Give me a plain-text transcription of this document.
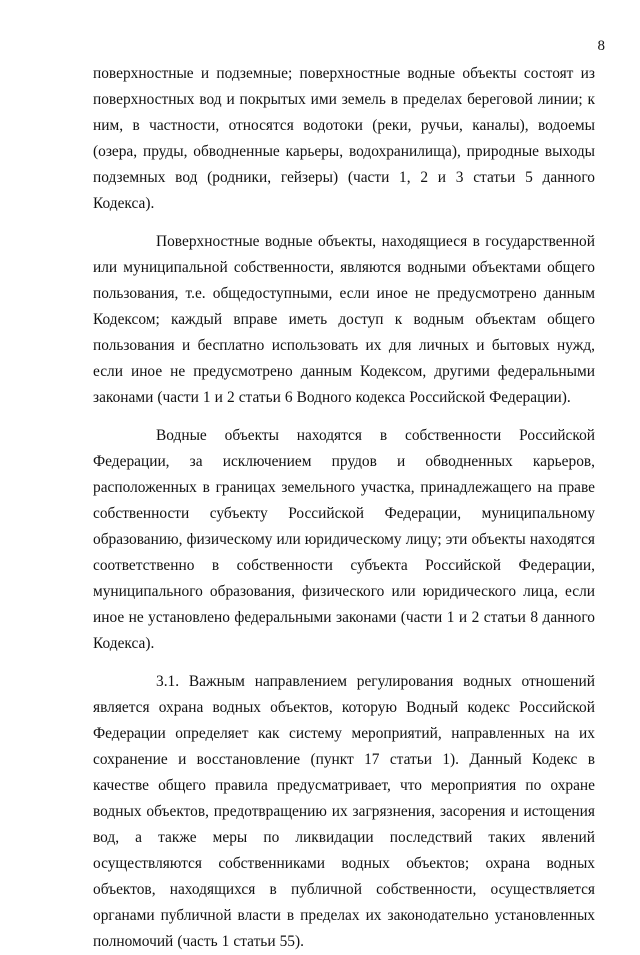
8

поверхностные и подземные; поверхностные водные объекты состоят из поверхностных вод и покрытых ими земель в пределах береговой линии; к ним, в частности, относятся водотоки (реки, ручьи, каналы), водоемы (озера, пруды, обводненные карьеры, водохранилища), природные выходы подземных вод (родники, гейзеры) (части 1, 2 и 3 статьи 5 данного Кодекса).

Поверхностные водные объекты, находящиеся в государственной или муниципальной собственности, являются водными объектами общего пользования, т.е. общедоступными, если иное не предусмотрено данным Кодексом; каждый вправе иметь доступ к водным объектам общего пользования и бесплатно использовать их для личных и бытовых нужд, если иное не предусмотрено данным Кодексом, другими федеральными законами (части 1 и 2 статьи 6 Водного кодекса Российской Федерации).

Водные объекты находятся в собственности Российской Федерации, за исключением прудов и обводненных карьеров, расположенных в границах земельного участка, принадлежащего на праве собственности субъекту Российской Федерации, муниципальному образованию, физическому или юридическому лицу; эти объекты находятся соответственно в собственности субъекта Российской Федерации, муниципального образования, физического или юридического лица, если иное не установлено федеральными законами (части 1 и 2 статьи 8 данного Кодекса).

3.1. Важным направлением регулирования водных отношений является охрана водных объектов, которую Водный кодекс Российской Федерации определяет как систему мероприятий, направленных на их сохранение и восстановление (пункт 17 статьи 1). Данный Кодекс в качестве общего правила предусматривает, что мероприятия по охране водных объектов, предотвращению их загрязнения, засорения и истощения вод, а также меры по ликвидации последствий таких явлений осуществляются собственниками водных объектов; охрана водных объектов, находящихся в публичной собственности, осуществляется органами публичной власти в пределах их законодательно установленных полномочий (часть 1 статьи 55).
